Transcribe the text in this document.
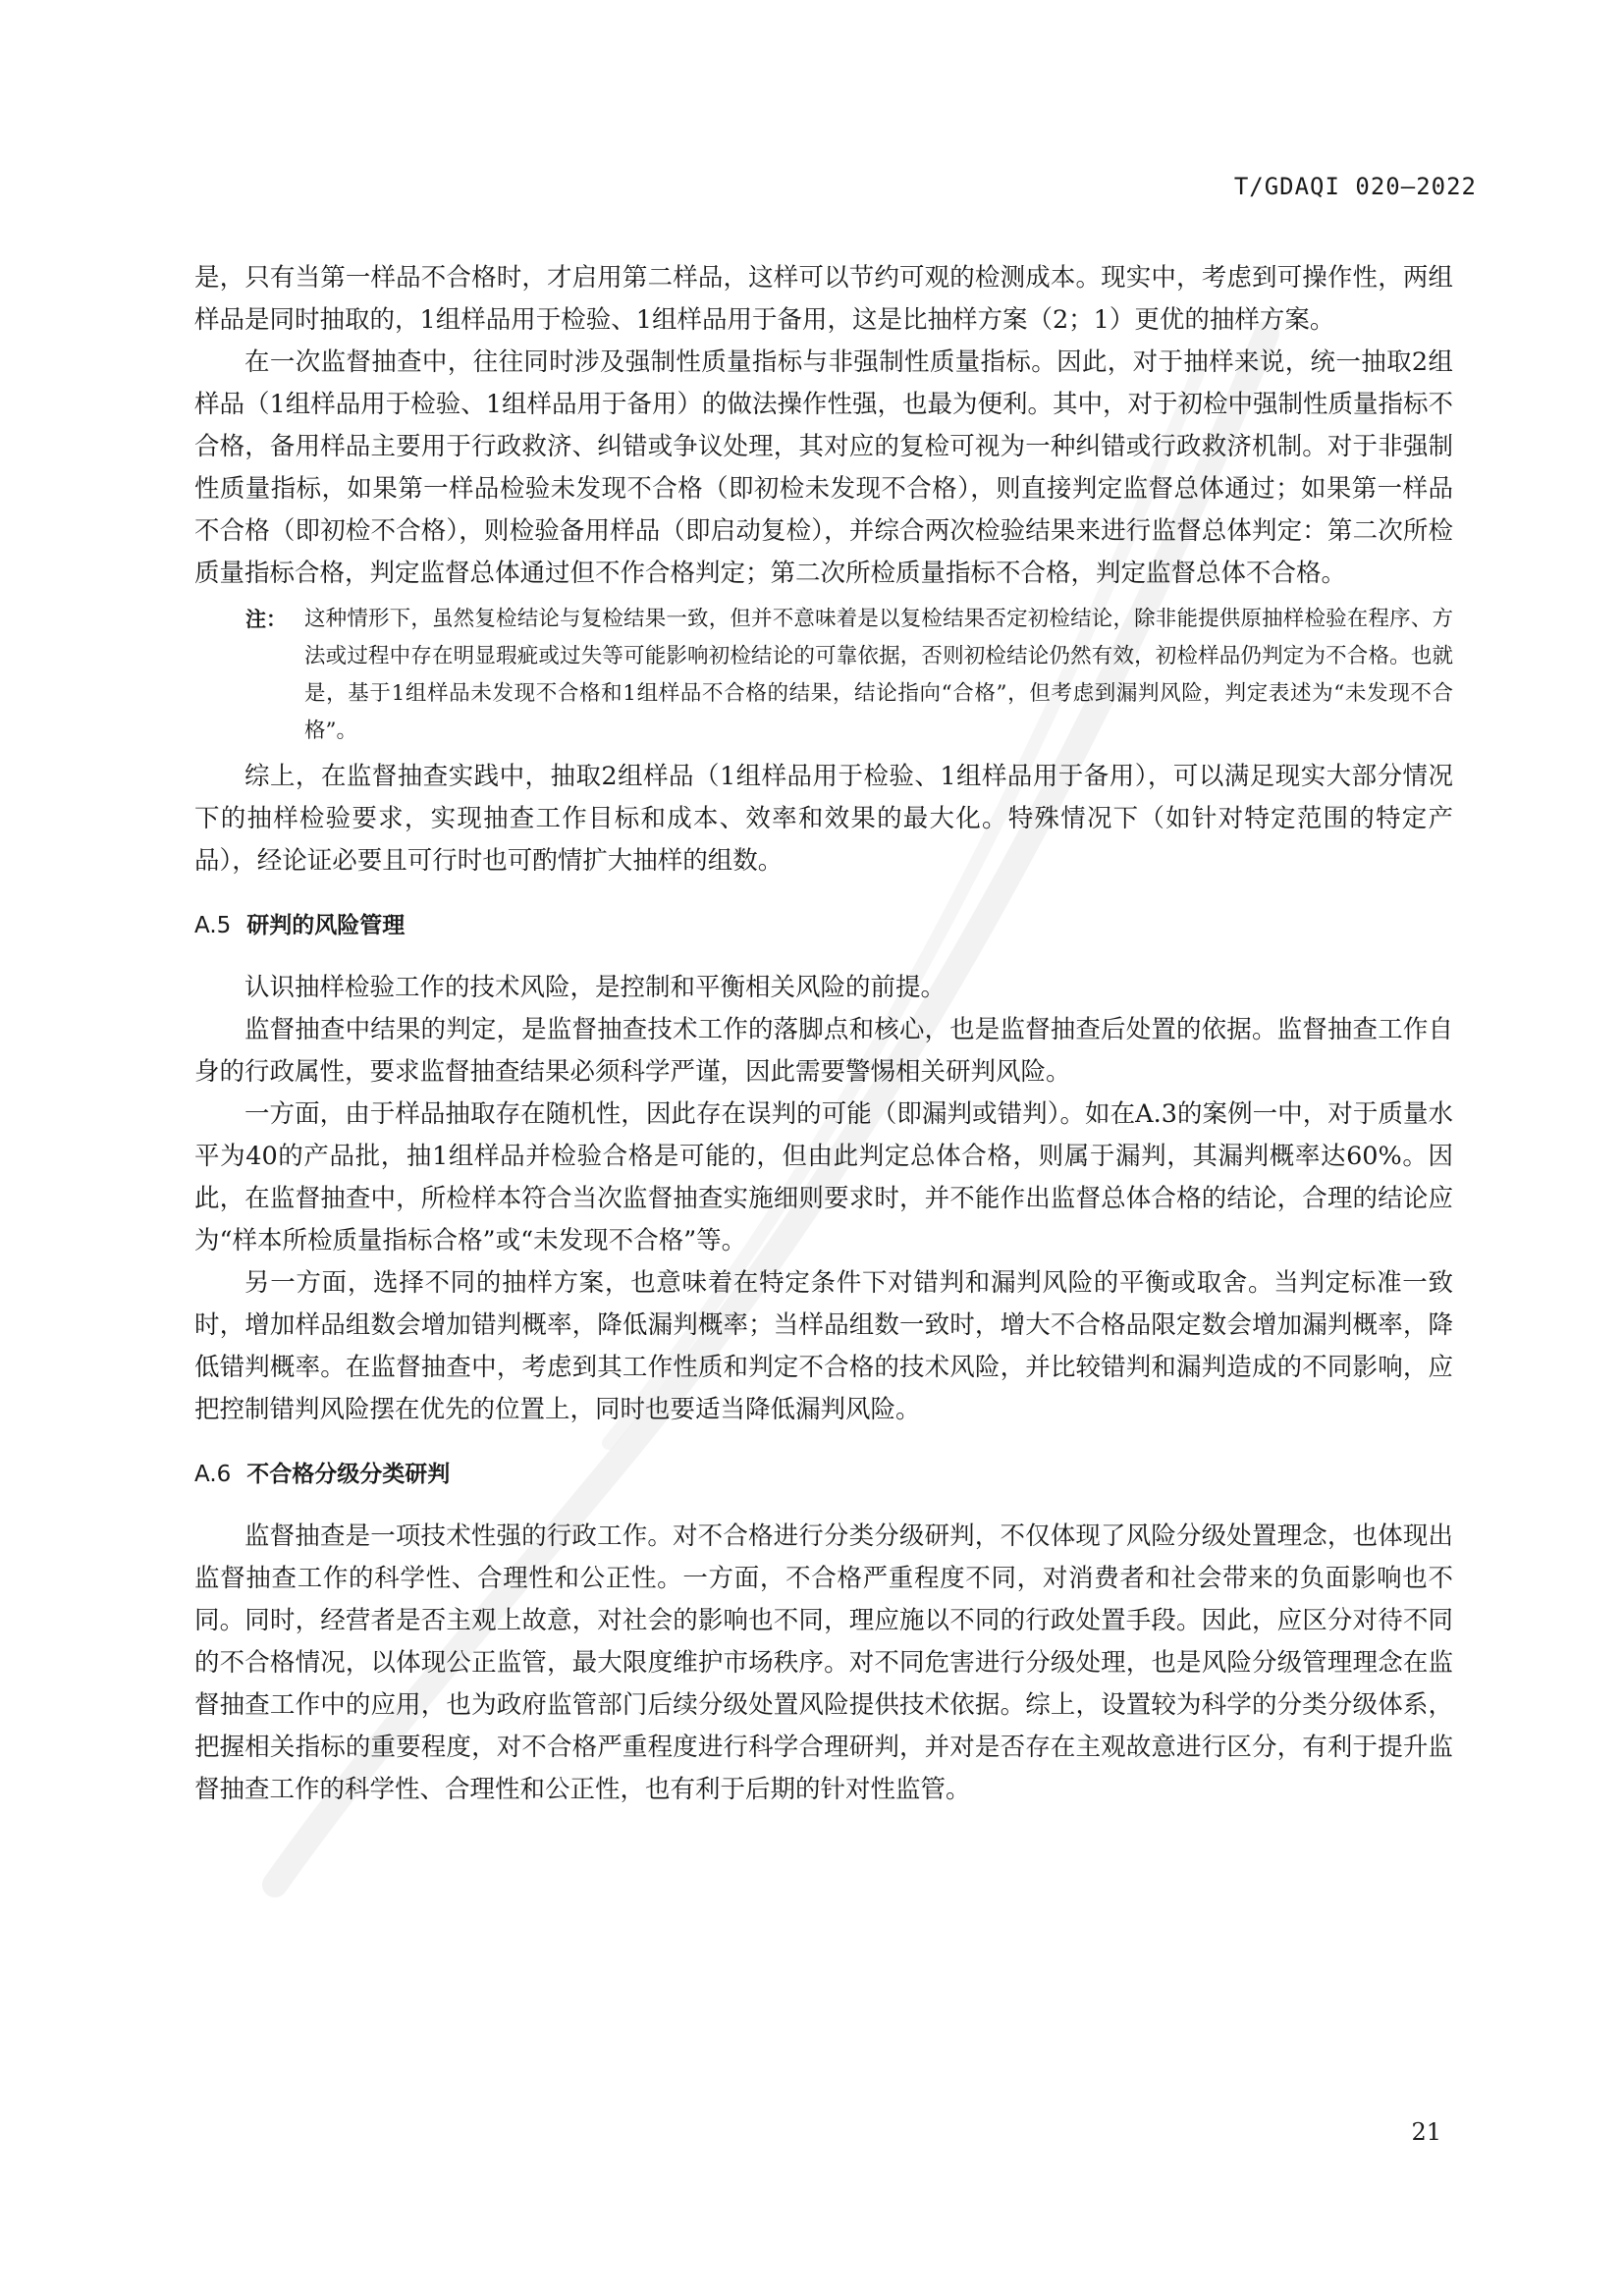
T/GDAQI 020—2022

是，只有当第一样品不合格时，才启用第二样品，这样可以节约可观的检测成本。现实中，考虑到可操作性，两组样品是同时抽取的，1组样品用于检验、1组样品用于备用，这是比抽样方案（2；1）更优的抽样方案。

在一次监督抽查中，往往同时涉及强制性质量指标与非强制性质量指标。因此，对于抽样来说，统一抽取2组样品（1组样品用于检验、1组样品用于备用）的做法操作性强，也最为便利。其中，对于初检中强制性质量指标不合格，备用样品主要用于行政救济、纠错或争议处理，其对应的复检可视为一种纠错或行政救济机制。对于非强制性质量指标，如果第一样品检验未发现不合格（即初检未发现不合格），则直接判定监督总体通过；如果第一样品不合格（即初检不合格），则检验备用样品（即启动复检），并综合两次检验结果来进行监督总体判定：第二次所检质量指标合格，判定监督总体通过但不作合格判定；第二次所检质量指标不合格，判定监督总体不合格。

注： 这种情形下，虽然复检结论与复检结果一致，但并不意味着是以复检结果否定初检结论，除非能提供原抽样检验在程序、方法或过程中存在明显瑕疵或过失等可能影响初检结论的可靠依据，否则初检结论仍然有效，初检样品仍判定为不合格。也就是，基于1组样品未发现不合格和1组样品不合格的结果，结论指向“合格”，但考虑到漏判风险，判定表述为“未发现不合格”。

综上，在监督抽查实践中，抽取2组样品（1组样品用于检验、1组样品用于备用），可以满足现实大部分情况下的抽样检验要求，实现抽查工作目标和成本、效率和效果的最大化。特殊情况下（如针对特定范围的特定产品），经论证必要且可行时也可酌情扩大抽样的组数。

A.5 研判的风险管理

认识抽样检验工作的技术风险，是控制和平衡相关风险的前提。

监督抽查中结果的判定，是监督抽查技术工作的落脚点和核心，也是监督抽查后处置的依据。监督抽查工作自身的行政属性，要求监督抽查结果必须科学严谨，因此需要警惕相关研判风险。

一方面，由于样品抽取存在随机性，因此存在误判的可能（即漏判或错判）。如在A.3的案例一中，对于质量水平为40的产品批，抽1组样品并检验合格是可能的，但由此判定总体合格，则属于漏判，其漏判概率达60%。因此，在监督抽查中，所检样本符合当次监督抽查实施细则要求时，并不能作出监督总体合格的结论，合理的结论应为“样本所检质量指标合格”或“未发现不合格”等。

另一方面，选择不同的抽样方案，也意味着在特定条件下对错判和漏判风险的平衡或取舍。当判定标准一致时，增加样品组数会增加错判概率，降低漏判概率；当样品组数一致时，增大不合格品限定数会增加漏判概率，降低错判概率。在监督抽查中，考虑到其工作性质和判定不合格的技术风险，并比较错判和漏判造成的不同影响，应把控制错判风险摆在优先的位置上，同时也要适当降低漏判风险。

A.6 不合格分级分类研判

监督抽查是一项技术性强的行政工作。对不合格进行分类分级研判，不仅体现了风险分级处置理念，也体现出监督抽查工作的科学性、合理性和公正性。一方面，不合格严重程度不同，对消费者和社会带来的负面影响也不同。同时，经营者是否主观上故意，对社会的影响也不同，理应施以不同的行政处置手段。因此，应区分对待不同的不合格情况，以体现公正监管，最大限度维护市场秩序。对不同危害进行分级处理，也是风险分级管理理念在监督抽查工作中的应用，也为政府监管部门后续分级处置风险提供技术依据。综上，设置较为科学的分类分级体系，把握相关指标的重要程度，对不合格严重程度进行科学合理研判，并对是否存在主观故意进行区分，有利于提升监督抽查工作的科学性、合理性和公正性，也有利于后期的针对性监管。

21
